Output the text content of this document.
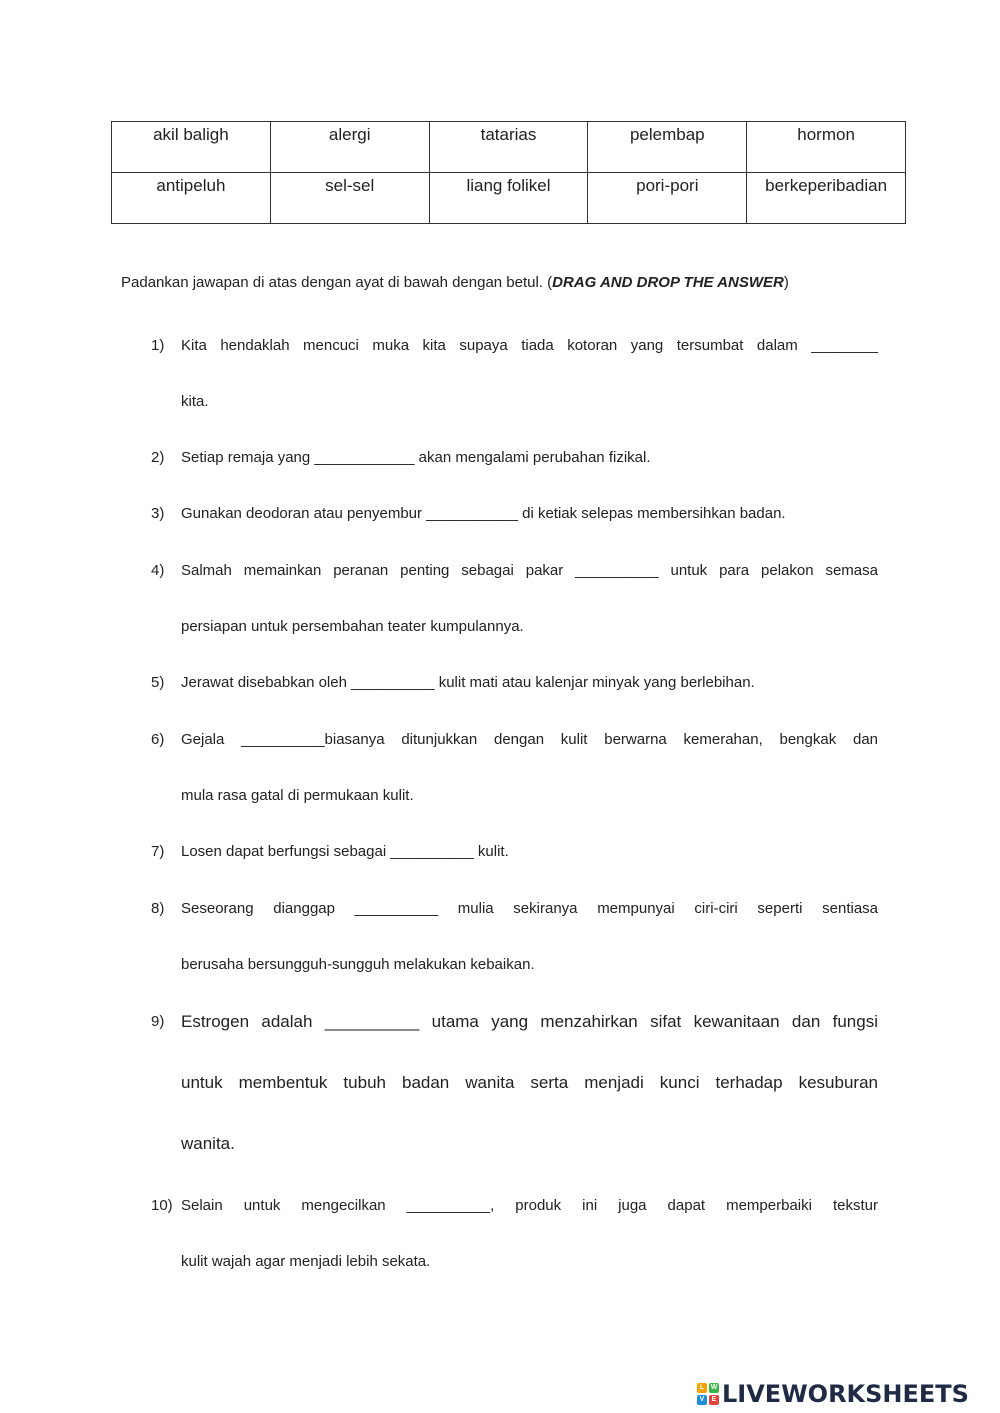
akil baligh	alergi	tatarias	pelembap	hormon
antipeluh	sel-sel	liang folikel	pori-pori	berkeperibadian
Padankan jawapan di atas dengan ayat di bawah dengan betul. (DRAG AND DROP THE ANSWER)
1) Kita hendaklah mencuci muka kita supaya tiada kotoran yang tersumbat dalam ________
kita.
2) Setiap remaja yang ____________ akan mengalami perubahan fizikal.
3) Gunakan deodoran atau penyembur ___________ di ketiak selepas membersihkan badan.
4) Salmah memainkan peranan penting sebagai pakar __________ untuk para pelakon semasa
persiapan untuk persembahan teater kumpulannya.
5) Jerawat disebabkan oleh __________ kulit mati atau kalenjar minyak yang berlebihan.
6) Gejala __________biasanya ditunjukkan dengan kulit berwarna kemerahan, bengkak dan
mula rasa gatal di permukaan kulit.
7) Losen dapat berfungsi sebagai __________ kulit.
8) Seseorang dianggap __________ mulia sekiranya mempunyai ciri-ciri seperti sentiasa
berusaha bersungguh-sungguh melakukan kebaikan.
9) Estrogen adalah __________ utama yang menzahirkan sifat kewanitaan dan fungsi
untuk membentuk tubuh badan wanita serta menjadi kunci terhadap kesuburan
wanita.
10) Selain untuk mengecilkan __________, produk ini juga dapat memperbaiki tekstur
kulit wajah agar menjadi lebih sekata.
L W
V	E LIVEWORKSHEETS
